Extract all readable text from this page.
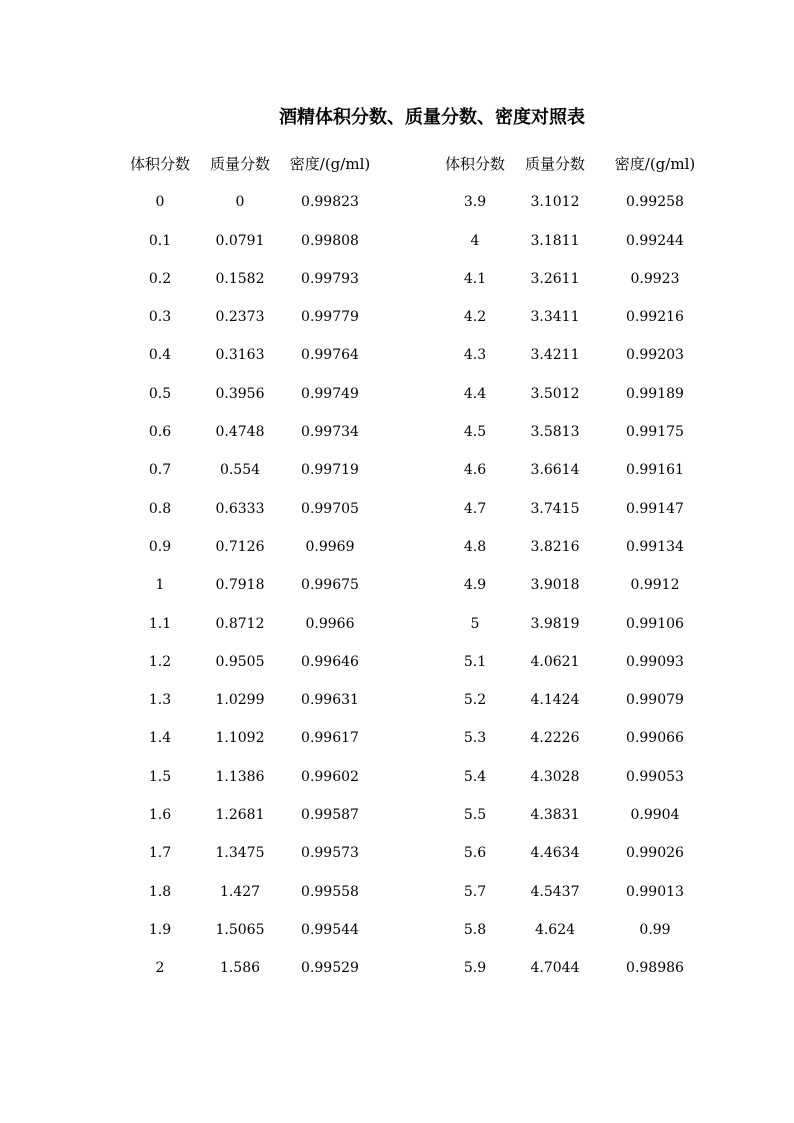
酒精体积分数、质量分数、密度对照表
体积分数	质量分数	密度/(g/ml)
0	0	0.99823
0.1	0.0791	0.99808
0.2	0.1582	0.99793
0.3	0.2373	0.99779
0.4	0.3163	0.99764
0.5	0.3956	0.99749
0.6	0.4748	0.99734
0.7	0.554	0.99719
0.8	0.6333	0.99705
0.9	0.7126	0.9969
1	0.7918	0.99675
1.1	0.8712	0.9966
1.2	0.9505	0.99646
1.3	1.0299	0.99631
1.4	1.1092	0.99617
1.5	1.1386	0.99602
1.6	1.2681	0.99587
1.7	1.3475	0.99573
1.8	1.427	0.99558
1.9	1.5065	0.99544
2	1.586	0.99529
体积分数	质量分数	密度/(g/ml)
3.9	3.1012	0.99258
4	3.1811	0.99244
4.1	3.2611	0.9923
4.2	3.3411	0.99216
4.3	3.4211	0.99203
4.4	3.5012	0.99189
4.5	3.5813	0.99175
4.6	3.6614	0.99161
4.7	3.7415	0.99147
4.8	3.8216	0.99134
4.9	3.9018	0.9912
5	3.9819	0.99106
5.1	4.0621	0.99093
5.2	4.1424	0.99079
5.3	4.2226	0.99066
5.4	4.3028	0.99053
5.5	4.3831	0.9904
5.6	4.4634	0.99026
5.7	4.5437	0.99013
5.8	4.624	0.99
5.9	4.7044	0.98986
